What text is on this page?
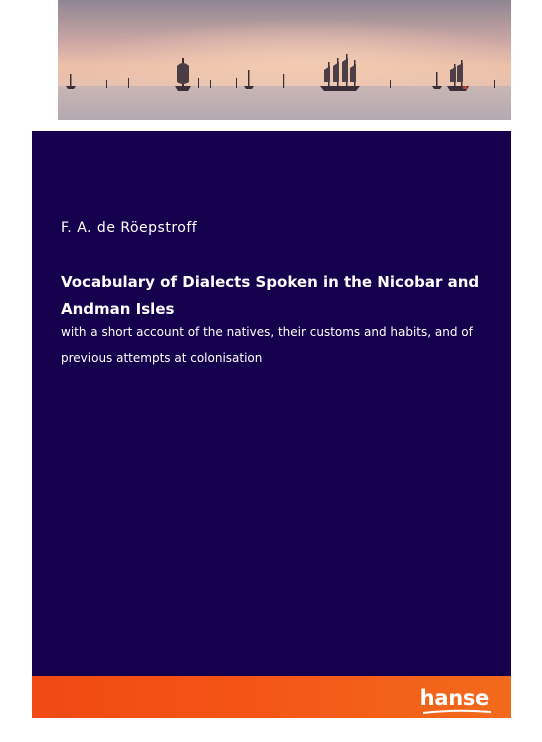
F. A. de Röepstroff
Vocabulary of Dialects Spoken in the Nicobar and Andman Isles

with a short account of the natives, their customs and habits, and of previous attempts at colonisation

hanse
